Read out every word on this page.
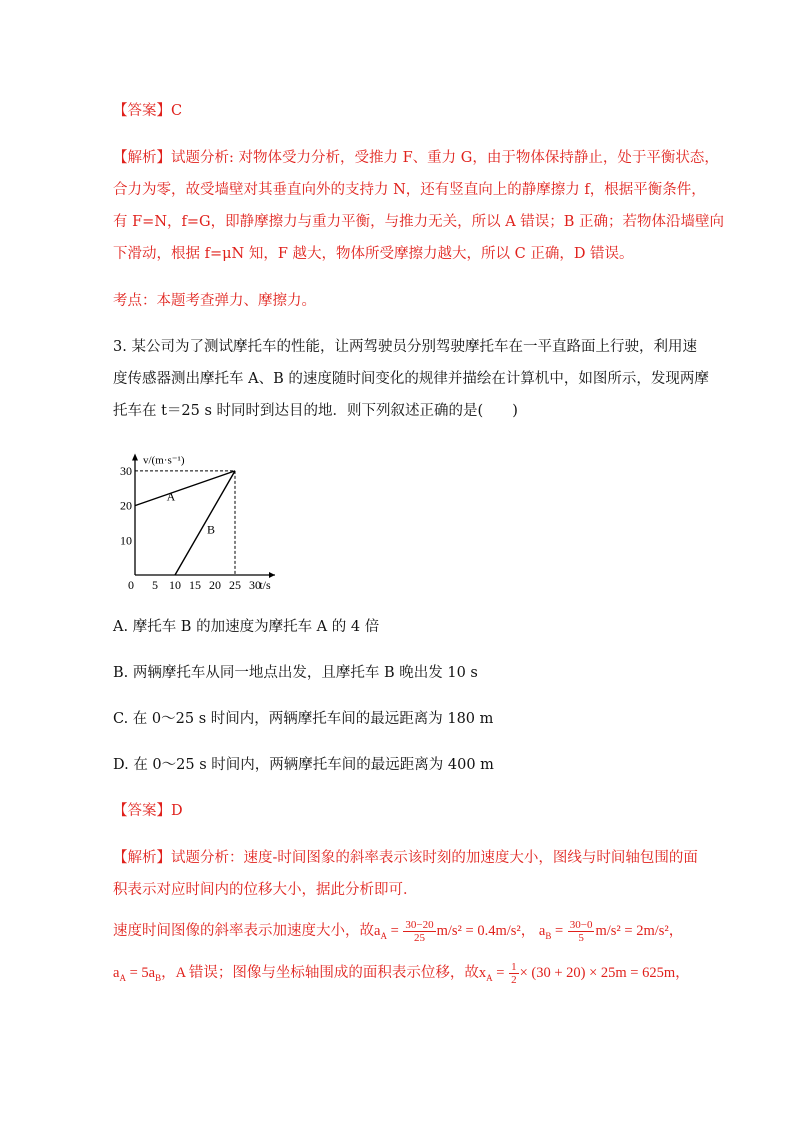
【答案】C
【解析】试题分析: 对物体受力分析，受推力 F、重力 G，由于物体保持静止，处于平衡状态，
合力为零，故受墙壁对其垂直向外的支持力 N，还有竖直向上的静摩擦力 f，根据平衡条件，
有 F=N，f=G，即静摩擦力与重力平衡，与推力无关，所以 A 错误；B 正确；若物体沿墙壁向
下滑动，根据 f=μN 知，F 越大，物体所受摩擦力越大，所以 C 正确，D 错误。
考点：本题考查弹力、摩擦力。
3. 某公司为了测试摩托车的性能，让两驾驶员分别驾驶摩托车在一平直路面上行驶，利用速
度传感器测出摩托车 A、B 的速度随时间变化的规律并描绘在计算机中，如图所示，发现两摩
托车在 t＝25 s 时同时到达目的地．则下列叙述正确的是(　　)
A
B
0 5 10 15 20 25 30
10
20
30
v/(m·s⁻¹)
t/s
A. 摩托车 B 的加速度为摩托车 A 的 4 倍
B. 两辆摩托车从同一地点出发，且摩托车 B 晚出发 10 s
C. 在 0～25 s 时间内，两辆摩托车间的最远距离为 180 m
D. 在 0～25 s 时间内，两辆摩托车间的最远距离为 400 m
【答案】D
【解析】试题分析：速度-时间图象的斜率表示该时刻的加速度大小，图线与时间轴包围的面
积表示对应时间内的位移大小，据此分析即可．
速度时间图像的斜率表示加速度大小，故$a_A = \frac{30-20}{25} m/s^2 = 0.4m/s^2$， $a_B = \frac{30-0}{5} m/s^2 = 2m/s^2$，
$a_A = 5a_B$，A 错误；图像与坐标轴围成的面积表示位移，故$x_A = \frac{1}{2} \times (30 + 20) \times 25m = 625m$，
